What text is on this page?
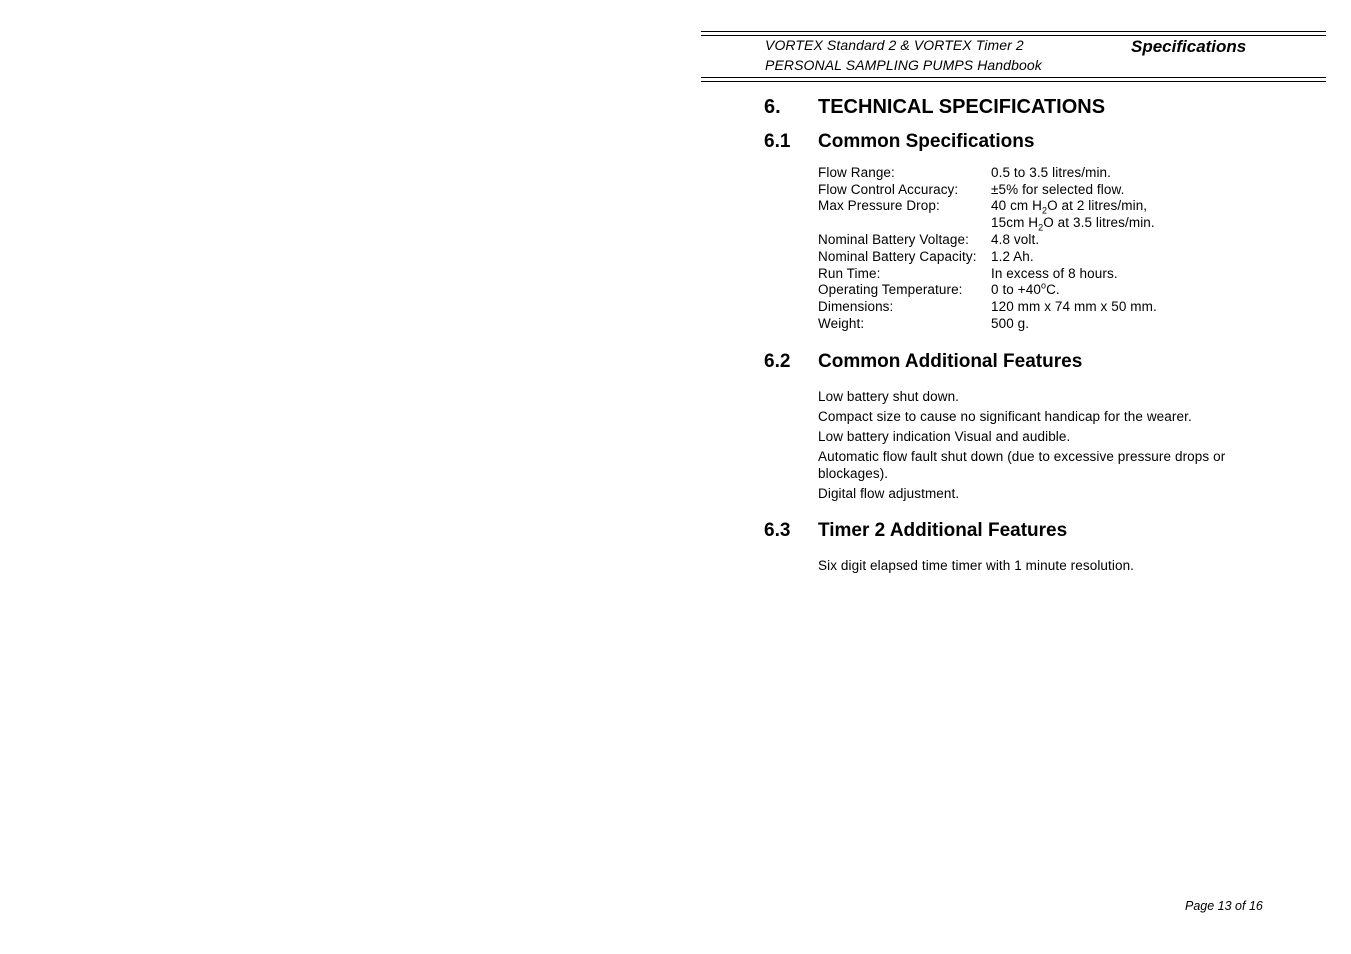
VORTEX Standard 2 & VORTEX Timer 2
PERSONAL SAMPLING PUMPS Handbook
Specifications
6. TECHNICAL SPECIFICATIONS
6.1 Common Specifications
Flow Range:	0.5 to 3.5 litres/min.
Flow Control Accuracy: ±5% for selected flow.
Max Pressure Drop:	40 cm $H_2O$ at 2 litres/min,
15cm $H_2O$ at 3.5 litres/min.
Nominal Battery Voltage: 4.8 volt.
Nominal Battery Capacity: 1.2 Ah.
Run Time:	In excess of 8 hours.
Operating Temperature: 0 to $+40^oC$.
Dimensions:	120 mm x 74 mm x 50 mm.
Weight:	500 g.
6.2 Common Additional Features
Low battery shut down.
Compact size to cause no significant handicap for the wearer.
Low battery indication Visual and audible.
Automatic flow fault shut down (due to excessive pressure drops or blockages).
Digital flow adjustment.
6.3 Timer 2 Additional Features
Six digit elapsed time timer with 1 minute resolution.
Page 13 of 16
